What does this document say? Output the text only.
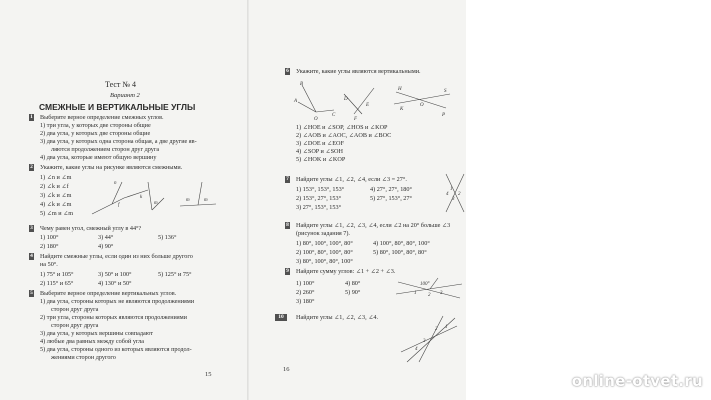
Тест № 4
Вариант 2
СМЕЖНЫЕ И ВЕРТИКАЛЬНЫЕ УГЛЫ
1 Выберите верное определение смежных углов.
1) три угла, у которых две стороны общие
2) два угла, у которых две стороны общие
3) два угла, у которых одна сторона общая, а две другие яв-
ляются продолжением сторон друг друга
4) два угла, которые имеют общую вершину
2 Укажите, какие углы на рисунке являются смежными.
1) ∠n и ∠m
2) ∠k и ∠f
3) ∠k и ∠m
4) ∠k и ∠m
5) ∠m и ∠m
n
f
k
m
m	m
3 Чему равен угол, смежный углу в 44°?
1) 100°
2) 180°
3) 44°
4) 90°
5) 136°
4 Найдите смежные углы, если один из них больше другого
на 50°.
1) 75° и 105°
2) 115° и 65°
3) 50° и 100°
4) 130° и 50°
5) 125° и 75°
5 Выберите верное определение вертикальных углов.
1) два угла, стороны которых не являются продолжениями
сторон друг друга
2) три угла, стороны которых являются продолжениями
сторон друг друга
3) два угла, у которых вершины совпадают
4) любые два равных между собой угла
5) два угла, стороны одного из которых являются продол-
жениями сторон другого
15
6 Укажите, какие углы являются вертикальными.
B
A
O
C
D
F
E
H
K
S
O
P
1) ∠HOE и ∠SOP, ∠HOS и ∠KOP
2) ∠AOB и ∠AOC, ∠AOB и ∠BOC
3) ∠DOE и ∠EOF
4) ∠SOP и ∠SOH
5) ∠HOK и ∠KOP
7 Найдите углы ∠1, ∠2, ∠4, если ∠3 = 27°.
1) 153°, 153°, 153°
2) 153°, 27°, 153°
3) 27°, 153°, 153°
4) 27°, 27°, 180°
5) 27°, 153°, 27°
1
2
3
4
8 Найдите углы ∠1, ∠2, ∠3, ∠4, если ∠2 на 20° больше ∠3
(рисунок задания 7).
1) 80°, 100°, 100°, 80°
2) 100°, 80°, 100°, 80°
3) 80°, 100°, 80°, 100°
4) 100°, 80°, 80°, 100°
5) 80°, 100°, 80°, 80°
9 Найдите сумму углов: ∠1 + ∠2 + ∠3.
1) 100°
2) 260°
3) 180°
4) 80°
5) 90°
100°
1 2 3
10	Найдите углы ∠1, ∠2, ∠3, ∠4.
4
3
2 1
16
online-otvet.ru
